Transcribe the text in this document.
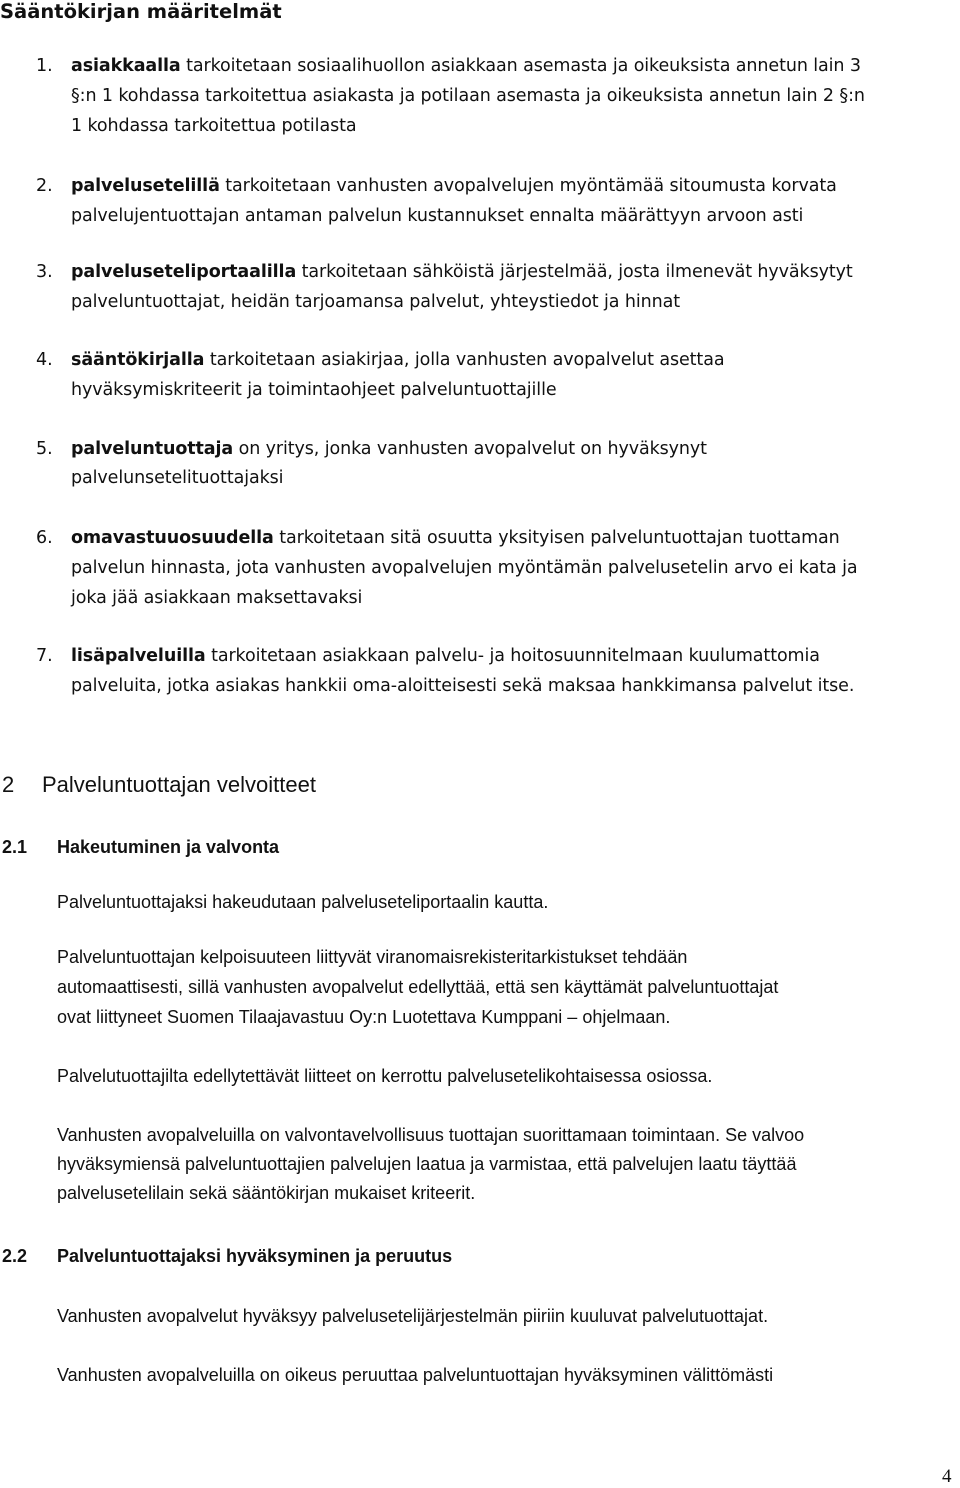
Sääntökirjan määritelmät
1. asiakkaalla tarkoitetaan sosiaalihuollon asiakkaan asemasta ja oikeuksista annetun lain 3
§:n 1 kohdassa tarkoitettua asiakasta ja potilaan asemasta ja oikeuksista annetun lain 2 §:n
1 kohdassa tarkoitettua potilasta
2. palvelusetelillä tarkoitetaan vanhusten avopalvelujen myöntämää sitoumusta korvata
palvelujentuottajan antaman palvelun kustannukset ennalta määrättyyn arvoon asti
3. palveluseteliportaalilla tarkoitetaan sähköistä järjestelmää, josta ilmenevät hyväksytyt
palveluntuottajat, heidän tarjoamansa palvelut, yhteystiedot ja hinnat
4. sääntökirjalla tarkoitetaan asiakirjaa, jolla vanhusten avopalvelut asettaa
hyväksymiskriteerit ja toimintaohjeet palveluntuottajille
5. palveluntuottaja on yritys, jonka vanhusten avopalvelut on hyväksynyt
palvelunsetelituottajaksi
6. omavastuuosuudella tarkoitetaan sitä osuutta yksityisen palveluntuottajan tuottaman
palvelun hinnasta, jota vanhusten avopalvelujen myöntämän palvelusetelin arvo ei kata ja
joka jää asiakkaan maksettavaksi
7. lisäpalveluilla tarkoitetaan asiakkaan palvelu- ja hoitosuunnitelmaan kuulumattomia
palveluita, jotka asiakas hankkii oma-aloitteisesti sekä maksaa hankkimansa palvelut itse.
2 Palveluntuottajan velvoitteet
2.1 Hakeutuminen ja valvonta
Palveluntuottajaksi hakeudutaan palveluseteliportaalin kautta.
Palveluntuottajan kelpoisuuteen liittyvät viranomaisrekisteritarkistukset tehdään
automaattisesti, sillä vanhusten avopalvelut edellyttää, että sen käyttämät palveluntuottajat
ovat liittyneet Suomen Tilaajavastuu Oy:n Luotettava Kumppani – ohjelmaan.
Palvelutuottajilta edellytettävät liitteet on kerrottu palvelusetelikohtaisessa osiossa.
Vanhusten avopalveluilla on valvontavelvollisuus tuottajan suorittamaan toimintaan. Se valvoo
hyväksymiensä palveluntuottajien palvelujen laatua ja varmistaa, että palvelujen laatu täyttää
palvelusetelilain sekä sääntökirjan mukaiset kriteerit.
2.2 Palveluntuottajaksi hyväksyminen ja peruutus
Vanhusten avopalvelut hyväksyy palvelusetelijärjestelmän piiriin kuuluvat palvelutuottajat.
Vanhusten avopalveluilla on oikeus peruuttaa palveluntuottajan hyväksyminen välittömästi
4
